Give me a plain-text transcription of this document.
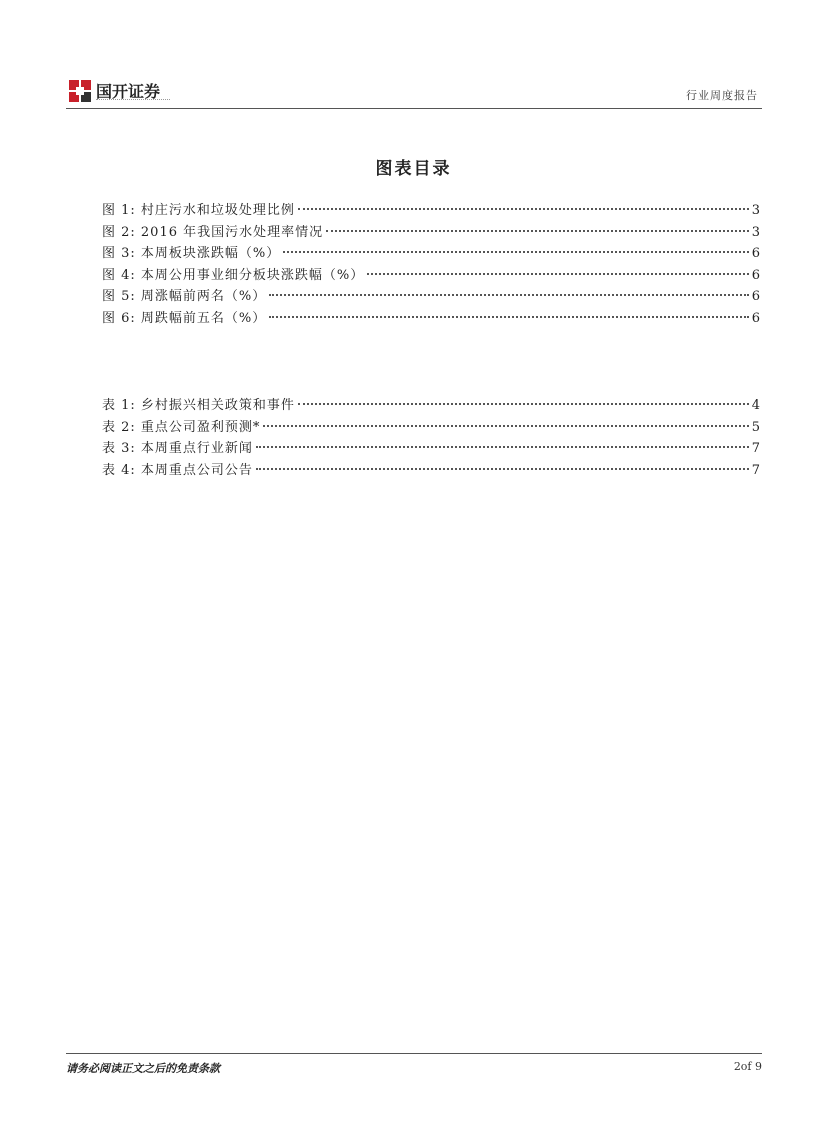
国开证券	行业周度报告
图表目录
图 1: 村庄污水和垃圾处理比例	3
图 2: 2016 年我国污水处理率情况	3
图 3: 本周板块涨跌幅（%）	6
图 4: 本周公用事业细分板块涨跌幅（%）	6
图 5: 周涨幅前两名（%）	6
图 6: 周跌幅前五名（%）	6
表 1: 乡村振兴相关政策和事件	4
表 2: 重点公司盈利预测*	5
表 3: 本周重点行业新闻	7
表 4: 本周重点公司公告	7
请务必阅读正文之后的免责条款	2of 9
